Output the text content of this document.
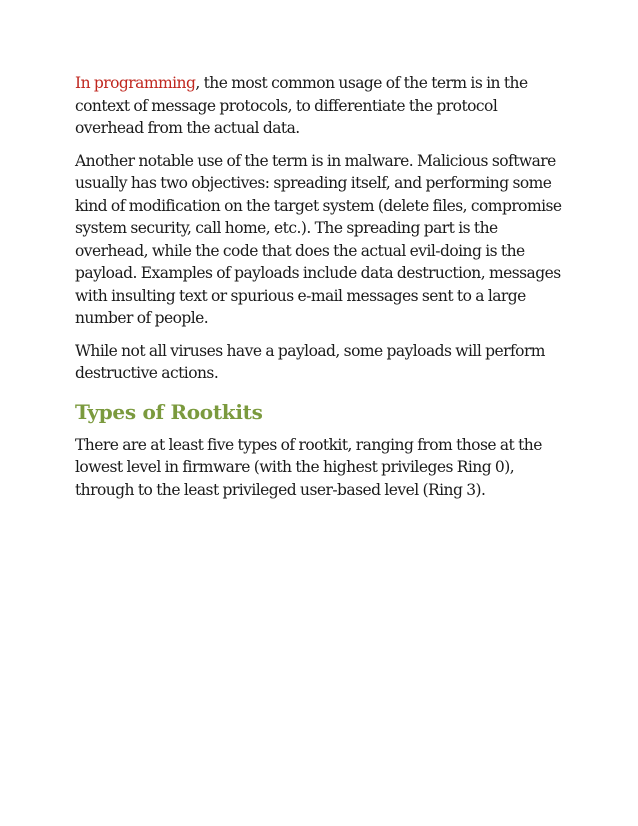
In programming, the most common usage of the term is in the context of message protocols, to differentiate the protocol overhead from the actual data.

Another notable use of the term is in malware. Malicious software usually has two objectives: spreading itself, and performing some kind of modification on the target system (delete files, compromise system security, call home, etc.). The spreading part is the overhead, while the code that does the actual evil-doing is the payload. Examples of payloads include data destruction, messages with insulting text or spurious e-mail messages sent to a large number of people.

While not all viruses have a payload, some payloads will perform destructive actions.

Types of Rootkits

There are at least five types of rootkit, ranging from those at the lowest level in firmware (with the highest privileges Ring 0), through to the least privileged user-based level (Ring 3).
